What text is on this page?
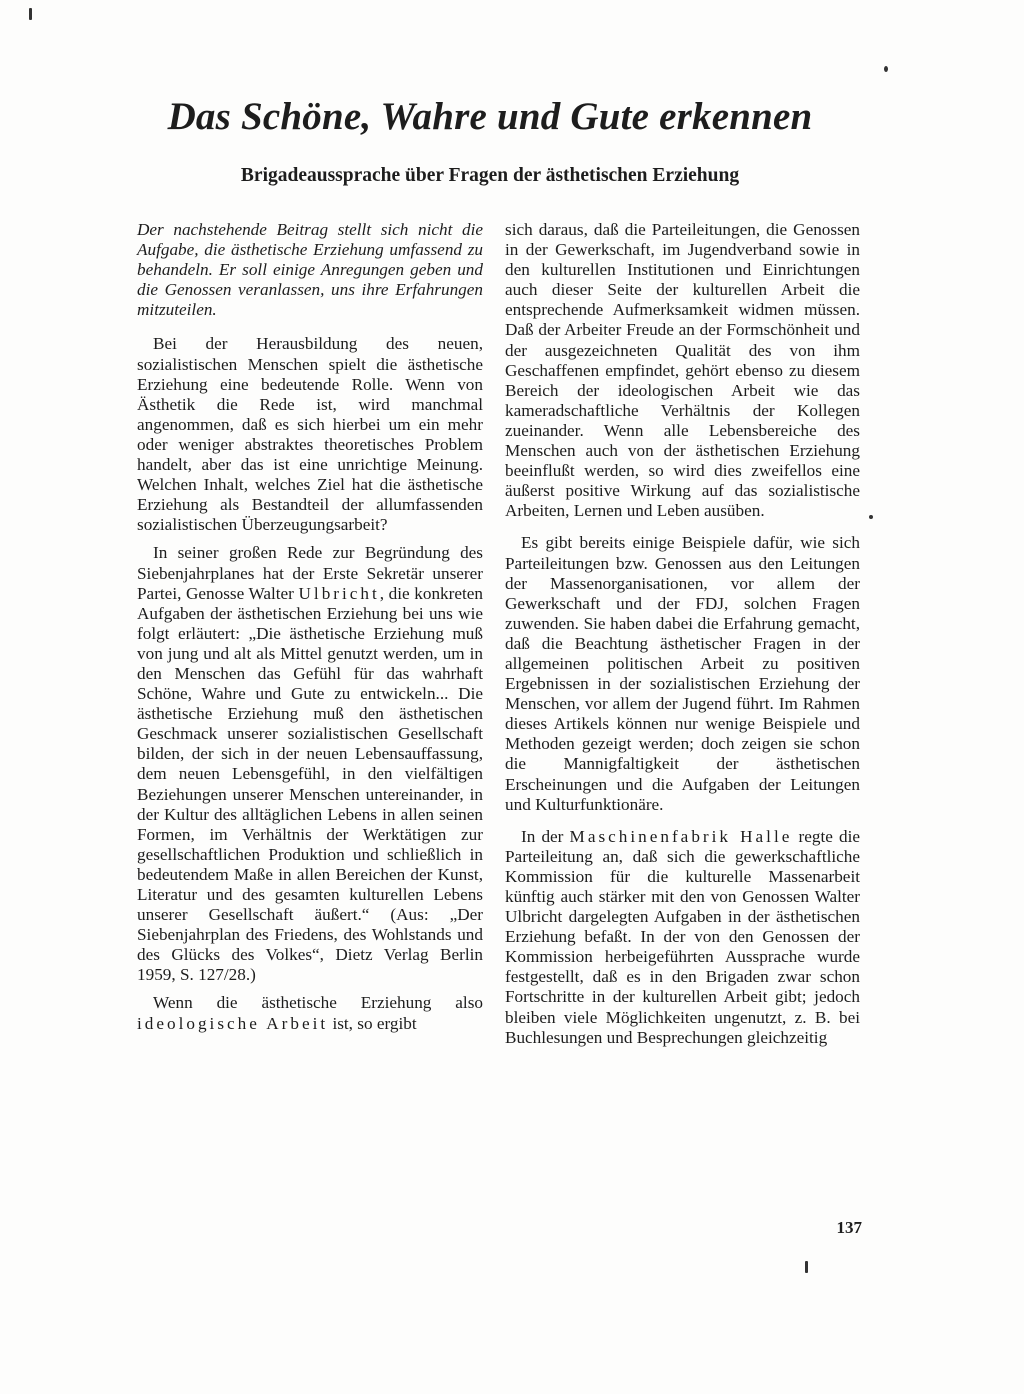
Das Schöne, Wahre und Gute erkennen
Brigadeaussprache über Fragen der ästhetischen Erziehung

Der nachstehende Beitrag stellt sich nicht die Aufgabe, die ästhetische Erziehung umfassend zu behandeln. Er soll einige Anregungen geben und die Genossen veranlassen, uns ihre Erfahrungen mitzuteilen.

Bei der Herausbildung des neuen, sozialistischen Menschen spielt die ästhetische Erziehung eine bedeutende Rolle. Wenn von Ästhetik die Rede ist, wird manchmal angenommen, daß es sich hierbei um ein mehr oder weniger abstraktes theoretisches Problem handelt, aber das ist eine unrichtige Meinung. Welchen Inhalt, welches Ziel hat die ästhetische Erziehung als Bestandteil der allumfassenden sozialistischen Überzeugungsarbeit?

In seiner großen Rede zur Begründung des Siebenjahrplanes hat der Erste Sekretär unserer Partei, Genosse Walter Ulbricht, die konkreten Aufgaben der ästhetischen Erziehung bei uns wie folgt erläutert: „Die ästhetische Erziehung muß von jung und alt als Mittel genutzt werden, um in den Menschen das Gefühl für das wahrhaft Schöne, Wahre und Gute zu entwickeln... Die ästhetische Erziehung muß den ästhetischen Geschmack unserer sozialistischen Gesellschaft bilden, der sich in der neuen Lebensauffassung, dem neuen Lebensgefühl, in den vielfältigen Beziehungen unserer Menschen untereinander, in der Kultur des alltäglichen Lebens in allen seinen Formen, im Verhältnis der Werktätigen zur gesellschaftlichen Produktion und schließlich in bedeutendem Maße in allen Bereichen der Kunst, Literatur und des gesamten kulturellen Lebens unserer Gesellschaft äußert.“ (Aus: „Der Siebenjahrplan des Friedens, des Wohlstands und des Glücks des Volkes“, Dietz Verlag Berlin 1959, S. 127/28.)

Wenn die ästhetische Erziehung also ideologische Arbeit ist, so ergibt

sich daraus, daß die Parteileitungen, die Genossen in der Gewerkschaft, im Jugendverband sowie in den kulturellen Institutionen und Einrichtungen auch dieser Seite der kulturellen Arbeit die entsprechende Aufmerksamkeit widmen müssen. Daß der Arbeiter Freude an der Formschönheit und der ausgezeichneten Qualität des von ihm Geschaffenen empfindet, gehört ebenso zu diesem Bereich der ideologischen Arbeit wie das kameradschaftliche Verhältnis der Kollegen zueinander. Wenn alle Lebensbereiche des Menschen auch von der ästhetischen Erziehung beeinflußt werden, so wird dies zweifellos eine äußerst positive Wirkung auf das sozialistische Arbeiten, Lernen und Leben ausüben.

Es gibt bereits einige Beispiele dafür, wie sich Parteileitungen bzw. Genossen aus den Leitungen der Massenorganisationen, vor allem der Gewerkschaft und der FDJ, solchen Fragen zuwenden. Sie haben dabei die Erfahrung gemacht, daß die Beachtung ästhetischer Fragen in der allgemeinen politischen Arbeit zu positiven Ergebnissen in der sozialistischen Erziehung der Menschen, vor allem der Jugend führt. Im Rahmen dieses Artikels können nur wenige Beispiele und Methoden gezeigt werden; doch zeigen sie schon die Mannigfaltigkeit der ästhetischen Erscheinungen und die Aufgaben der Leitungen und Kulturfunktionäre.

In der Maschinenfabrik Halle regte die Parteileitung an, daß sich die gewerkschaftliche Kommission für die kulturelle Massenarbeit künftig auch stärker mit den von Genossen Walter Ulbricht dargelegten Aufgaben in der ästhetischen Erziehung befaßt. In der von den Genossen der Kommission herbeigeführten Aussprache wurde festgestellt, daß es in den Brigaden zwar schon Fortschritte in der kulturellen Arbeit gibt; jedoch bleiben viele Möglichkeiten ungenutzt, z. B. bei Buchlesungen und Besprechungen gleichzeitig

137
